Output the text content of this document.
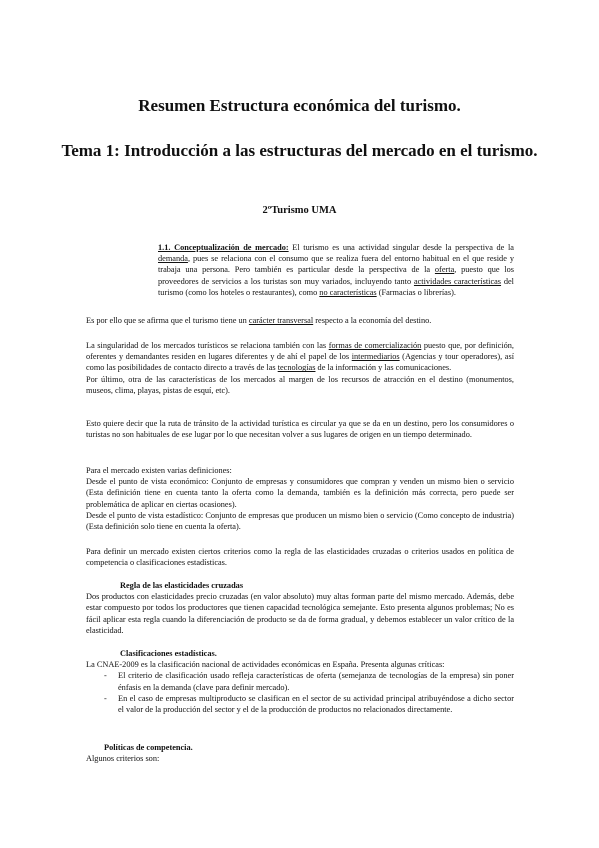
Resumen Estructura económica del turismo.
Tema 1: Introducción a las estructuras del mercado en el turismo.
2ºTurismo UMA

1.1. Conceptualización de mercado: El turismo es una actividad singular desde la perspectiva de la demanda, pues se relaciona con el consumo que se realiza fuera del entorno habitual en el que reside y trabaja una persona. Pero también es particular desde la perspectiva de la oferta, puesto que los proveedores de servicios a los turistas son muy variados, incluyendo tanto actividades características del turismo (como los hoteles o restaurantes), como no características (Farmacias o librerías).

Es por ello que se afirma que el turismo tiene un carácter transversal respecto a la economía del destino.

La singularidad de los mercados turísticos se relaciona también con las formas de comercialización puesto que, por definición, oferentes y demandantes residen en lugares diferentes y de ahí el papel de los intermediarios (Agencias y tour operadores), así como las posibilidades de contacto directo a través de las tecnologías de la información y las comunicaciones.

Por último, otra de las características de los mercados al margen de los recursos de atracción en el destino (monumentos, museos, clima, playas, pistas de esquí, etc).

Esto quiere decir que la ruta de tránsito de la actividad turística es circular ya que se da en un destino, pero los consumidores o turistas no son habituales de ese lugar por lo que necesitan volver a sus lugares de origen en un tiempo determinado.

Para el mercado existen varias definiciones:

Desde el punto de vista económico: Conjunto de empresas y consumidores que compran y venden un mismo bien o servicio (Esta definición tiene en cuenta tanto la oferta como la demanda, también es la definición más correcta, pero puede ser problemática de aplicar en ciertas ocasiones).

Desde el punto de vista estadístico: Conjunto de empresas que producen un mismo bien o servicio (Como concepto de industria) (Esta definición solo tiene en cuenta la oferta).

Para definir un mercado existen ciertos criterios como la regla de las elasticidades cruzadas o criterios usados en política de competencia o clasificaciones estadísticas.

Regla de las elasticidades cruzadas

Dos productos con elasticidades precio cruzadas (en valor absoluto) muy altas forman parte del mismo mercado. Además, debe estar compuesto por todos los productores que tienen capacidad tecnológica semejante. Esto presenta algunos problemas; No es fácil aplicar esta regla cuando la diferenciación de producto se da de forma gradual, y debemos establecer un valor crítico de la elasticidad.

Clasificaciones estadísticas.

La CNAE-2009 es la clasificación nacional de actividades económicas en España. Presenta algunas críticas:

- El criterio de clasificación usado refleja características de oferta (semejanza de tecnologías de la empresa) sin poner énfasis en la demanda (clave para definir mercado).
- En el caso de empresas multiproducto se clasifican en el sector de su actividad principal atribuyéndose a dicho sector el valor de la producción del sector y el de la producción de productos no relacionados directamente.

Políticas de competencia.

Algunos criterios son:
